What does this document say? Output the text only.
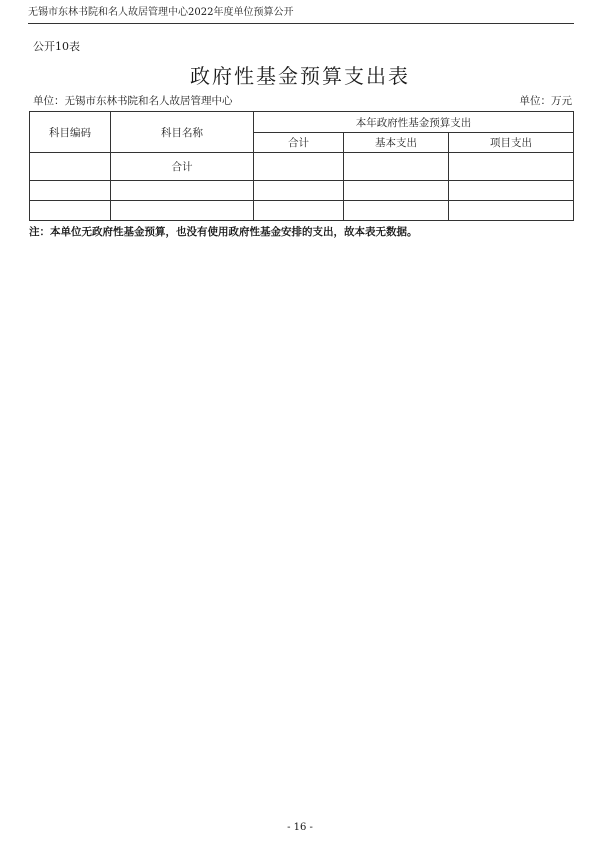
无锡市东林书院和名人故居管理中心2022年度单位预算公开
公开10表
政府性基金预算支出表
单位：无锡市东林书院和名人故居管理中心	单位：万元
科目编码	科目名称	本年政府性基金预算支出		
		合计	基本支出	项目支出
	合计			

注：本单位无政府性基金预算，也没有使用政府性基金安排的支出，故本表无数据。
- 16 -
